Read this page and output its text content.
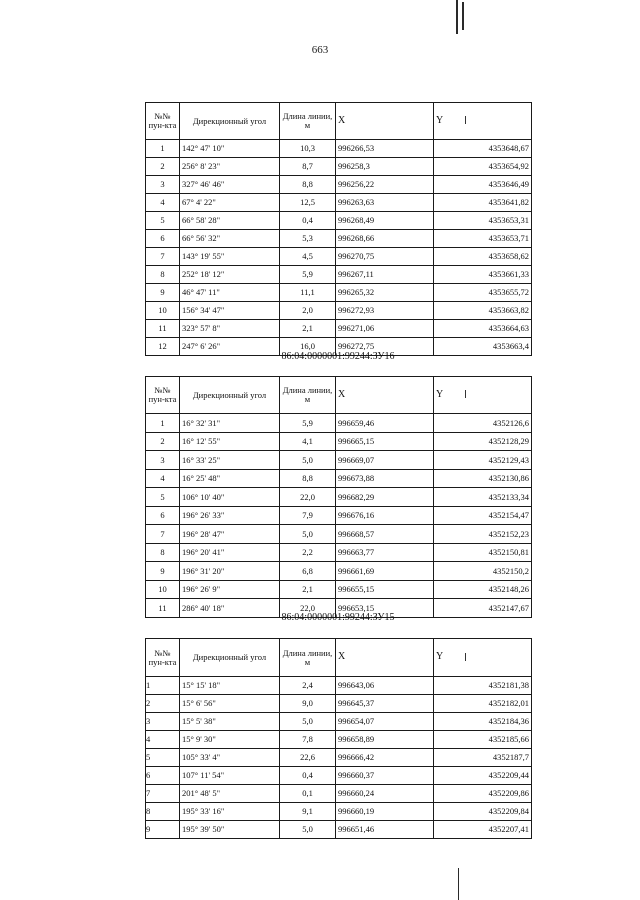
663
№№ пун-кта	Дирекционный угол	Длина линии, м	X	Y
1	142° 47' 10"	10,3	996266,53	4353648,67
2	256° 8' 23"	8,7	996258,3	4353654,92
3	327° 46' 46"	8,8	996256,22	4353646,49
4	67° 4' 22"	12,5	996263,63	4353641,82
5	66° 58' 28"	0,4	996268,49	4353653,31
6	66° 56' 32"	5,3	996268,66	4353653,71
7	143° 19' 55"	4,5	996270,75	4353658,62
8	252° 18' 12"	5,9	996267,11	4353661,33
9	46° 47' 11"	11,1	996265,32	4353655,72
10	156° 34' 47"	2,0	996272,93	4353663,82
11	323° 57' 8"	2,1	996271,06	4353664,63
12	247° 6' 26"	16,0	996272,75	4353663,4
86:04:0000001:99244:ЗУ16
№№ пун-кта	Дирекционный угол	Длина линии, м	X	Y
1	16° 32' 31"	5,9	996659,46	4352126,6
2	16° 12' 55"	4,1	996665,15	4352128,29
3	16° 33' 25"	5,0	996669,07	4352129,43
4	16° 25' 48"	8,8	996673,88	4352130,86
5	106° 10' 40"	22,0	996682,29	4352133,34
6	196° 26' 33"	7,9	996676,16	4352154,47
7	196° 28' 47"	5,0	996668,57	4352152,23
8	196° 20' 41"	2,2	996663,77	4352150,81
9	196° 31' 20"	6,8	996661,69	4352150,2
10	196° 26' 9"	2,1	996655,15	4352148,26
11	286° 40' 18"	22,0	996653,15	4352147,67
86:04:0000001:99244:ЗУ15
№№ пун-кта	Дирекционный угол	Длина линии, м	X	Y
1	15° 15' 18"	2,4	996643,06	4352181,38
2	15° 6' 56"	9,0	996645,37	4352182,01
3	15° 5' 38"	5,0	996654,07	4352184,36
4	15° 9' 30"	7,8	996658,89	4352185,66
5	105° 33' 4"	22,6	996666,42	4352187,7
6	107° 11' 54"	0,4	996660,37	4352209,44
7	201° 48' 5"	0,1	996660,24	4352209,86
8	195° 33' 16"	9,1	996660,19	4352209,84
9	195° 39' 50"	5,0	996651,46	4352207,41
